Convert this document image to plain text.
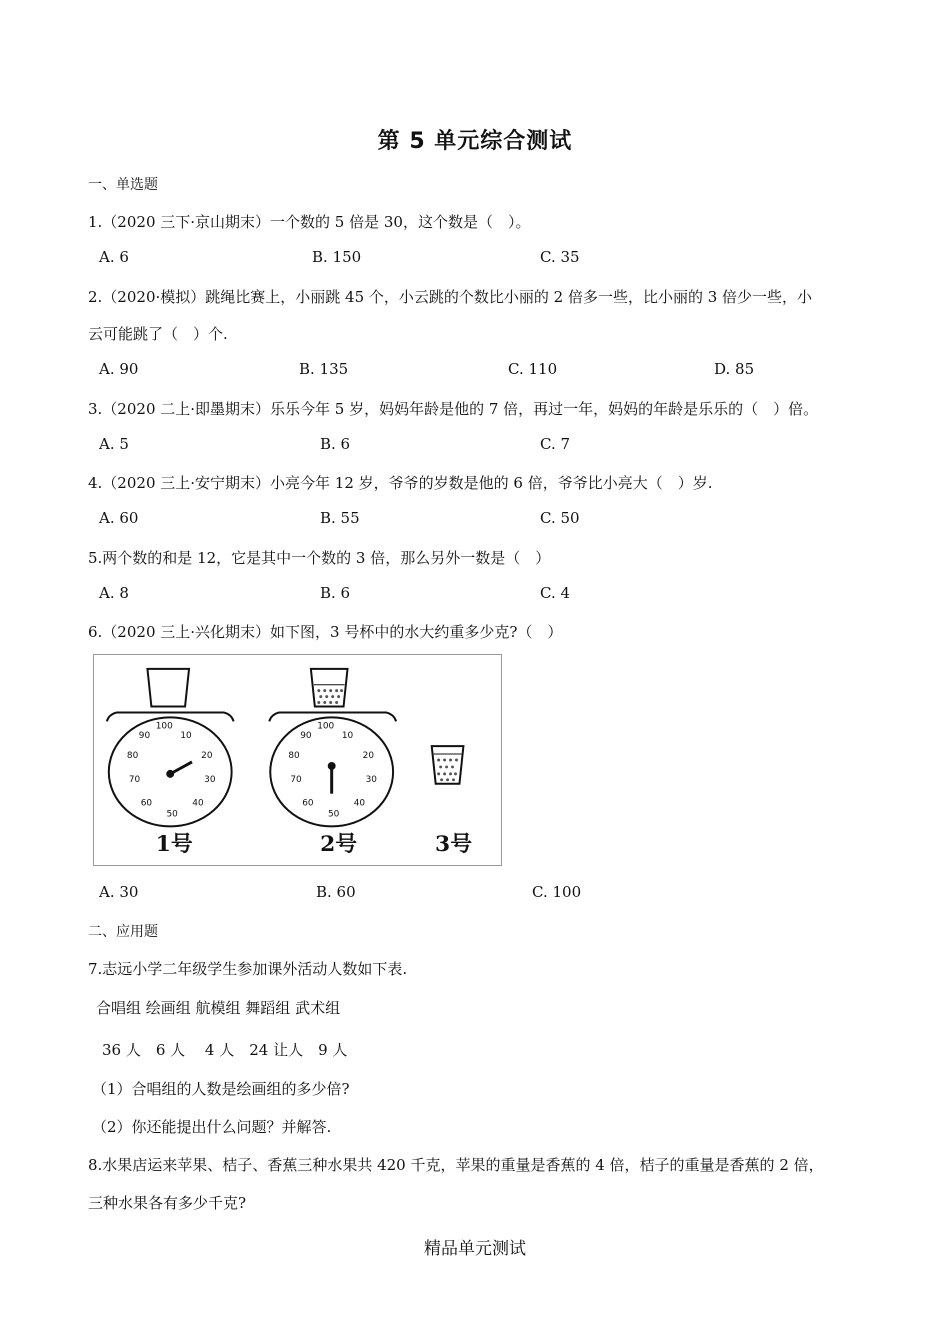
第 5 单元综合测试
一、单选题
1.（2020 三下·京山期末）一个数的 5 倍是 30，这个数是（　）。
A. 6	B. 150	C. 35
2.（2020·模拟）跳绳比赛上，小丽跳 45 个，小云跳的个数比小丽的 2 倍多一些，比小丽的 3 倍少一些，小
云可能跳了（　）个.
A. 90	B. 135	C. 110	D. 85
3.（2020 二上·即墨期末）乐乐今年 5 岁，妈妈年龄是他的 7 倍，再过一年，妈妈的年龄是乐乐的（　）倍。
A. 5	B. 6	C. 7
4.（2020 三上·安宁期末）小亮今年 12 岁，爷爷的岁数是他的 6 倍，爷爷比小亮大（　）岁.
A. 60	B. 55	C. 50
5.两个数的和是 12，它是其中一个数的 3 倍，那么另外一数是（　）
A. 8	B. 6	C. 4
6.（2020 三上·兴化期末）如下图，3 号杯中的水大约重多少克?（　）
100
10
20
30
40
50
60
70
80
90
100
10
20
30
40
50
60
70
80
90
1号	2号	3号
A. 30	B. 60	C. 100
二、应用题
7.志远小学二年级学生参加课外活动人数如下表.
合唱组 绘画组 航模组 舞蹈组 武术组
36 人　6 人　 4 人　24 让人　9 人
（1）合唱组的人数是绘画组的多少倍?
（2）你还能提出什么问题？并解答.
8.水果店运来苹果、桔子、香蕉三种水果共 420 千克，苹果的重量是香蕉的 4 倍，桔子的重量是香蕉的 2 倍，
三种水果各有多少千克?
精品单元测试
